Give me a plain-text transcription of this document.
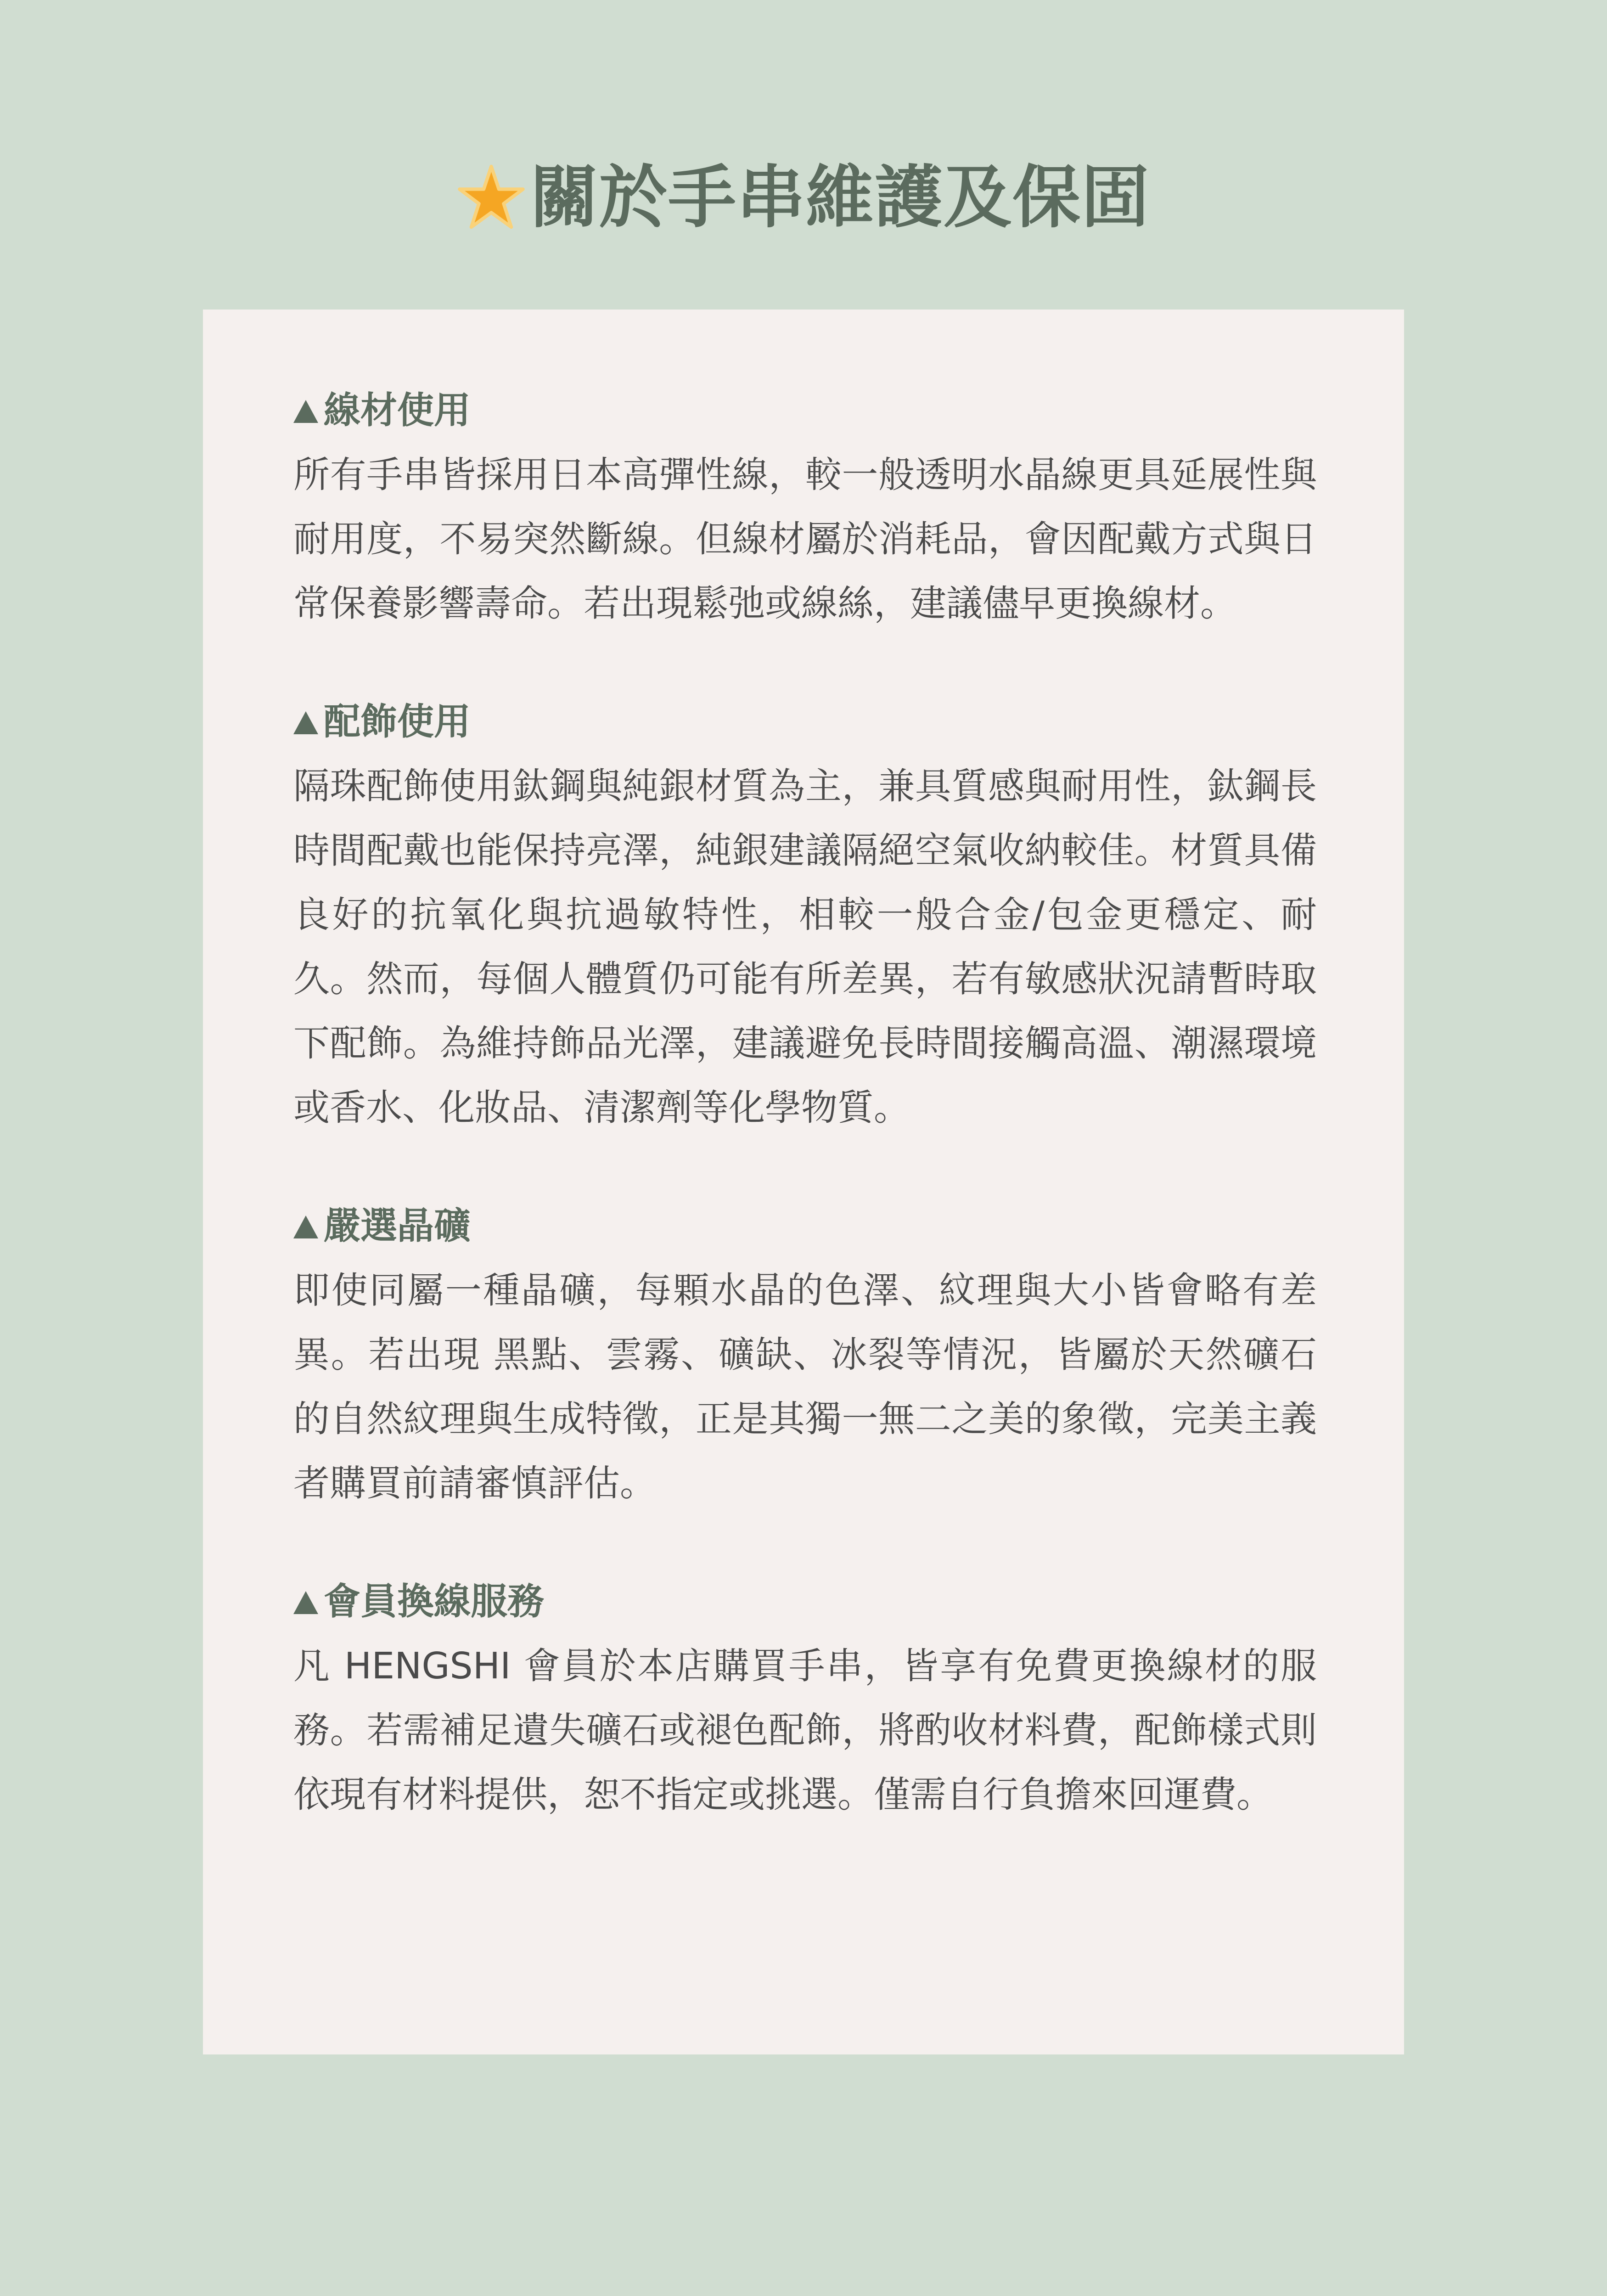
關於手串維護及保固
線材使用

所有手串皆採用日本高彈性線，較一般透明水晶線更具延展性與耐用度，不易突然斷線。但線材屬於消耗品，會因配戴方式與日常保養影響壽命。若出現鬆弛或線絲，建議儘早更換線材。

配飾使用

隔珠配飾使用鈦鋼與純銀材質為主，兼具質感與耐用性，鈦鋼長時間配戴也能保持亮澤，純銀建議隔絕空氣收納較佳。材質具備良好的抗氧化與抗過敏特性，相較一般合金/包金更穩定、耐久。然而，每個人體質仍可能有所差異，若有敏感狀況請暫時取下配飾。為維持飾品光澤，建議避免長時間接觸高溫、潮濕環境或香水、化妝品、清潔劑等化學物質。

嚴選晶礦

即使同屬一種晶礦，每顆水晶的色澤、紋理與大小皆會略有差異。若出現 黑點、雲霧、礦缺、冰裂等情況，皆屬於天然礦石的自然紋理與生成特徵，正是其獨一無二之美的象徵，完美主義者購買前請審慎評估。

會員換線服務

凡 HENGSHI 會員於本店購買手串，皆享有免費更換線材的服務。若需補足遺失礦石或褪色配飾，將酌收材料費，配飾樣式則依現有材料提供，恕不指定或挑選。僅需自行負擔來回運費。
